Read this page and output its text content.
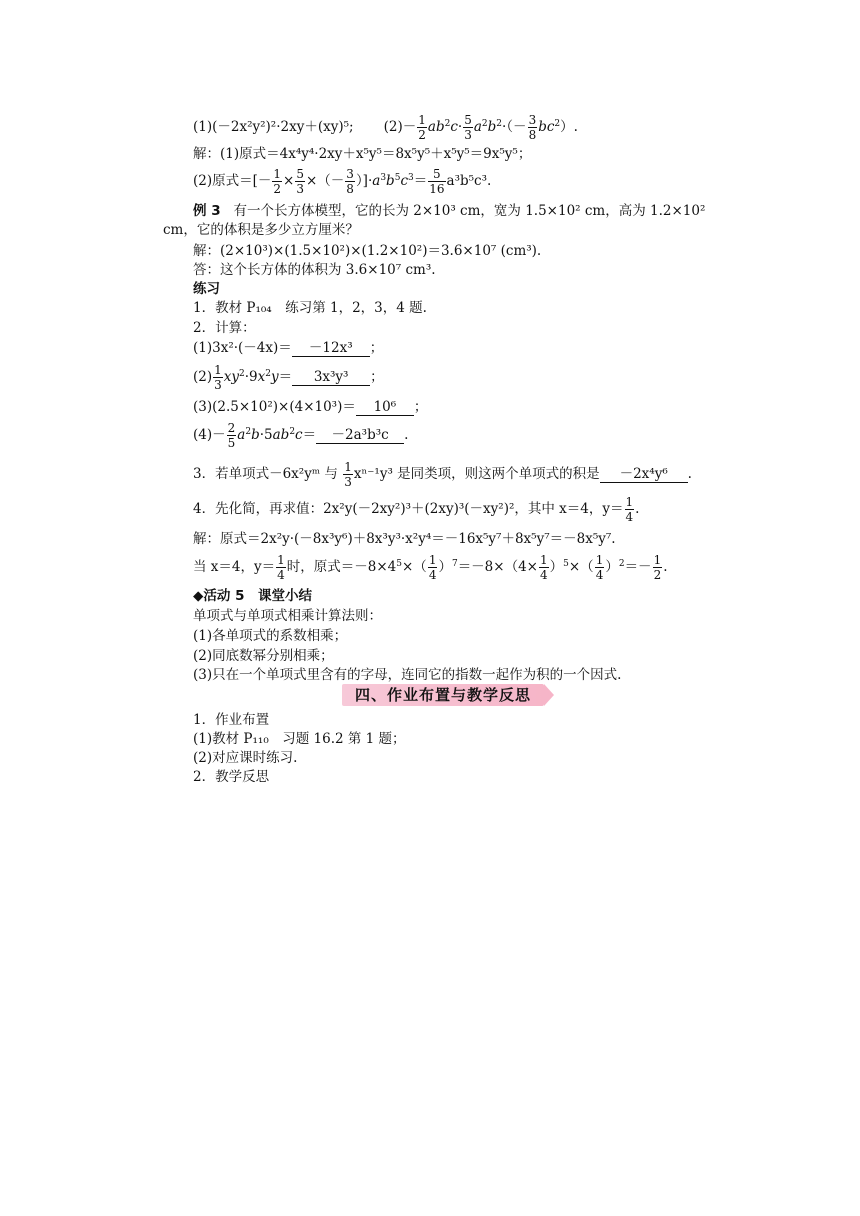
(1)(－2x²y²)²·2xy＋(xy)⁵; $(2)- \frac{1}{2} ab^2c\cdot \frac{5}{3} a^2b^2\cdot(- \frac{3}{8} bc^2)$.
解：(1)原式＝4x⁴y⁴·2xy＋x⁵y⁵＝8x⁵y⁵＋x⁵y⁵＝9x⁵y⁵；
(2)原式＝[－ $\frac{1}{2} \times \frac{5}{3}$ ×（－ $\frac{3}{8} )]\cdot a^3b^5c^3= \frac{5}{16} a^3b^5c^3$.
例 3 有一个长方体模型，它的长为 2×10³ cm，宽为 1.5×10² cm，高为 1.2×10²
cm，它的体积是多少立方厘米？
解：(2×10³)×(1.5×10²)×(1.2×10²)＝3.6×10⁷ (cm³).
答：这个长方体的体积为 3.6×10⁷ cm³.
练习
1．教材 P₁₀₄　练习第 1，2，3，4 题.
2．计算：
(1)3x²·(－4x)＝ －12x³ ；
$(2) \frac{1}{3} xy^2\cdot 9x^2y= 3x^3y^3$ ；
(3)(2.5×10²)×(4×10³)＝ 10⁶ ；
$(4)- \frac{2}{5} a^2b\cdot 5ab^2c= -2a^3b^3c$ .
3．若单项式－6x²yᵐ 与 $\frac{1}{3} x^{n-1}y^3$ 是同类项，则这两个单项式的积是 －2x⁴y⁶ .
4．先化简，再求值：2x²y(－2xy²)³＋(2xy)³(－xy²)²，其中 x＝4，$y= \frac{1}{4}$ .
解：原式＝2x²y·(－8x³y⁶)＋8x³y³·x²y⁴＝－16x⁵y⁷＋8x⁵y⁷＝－8x⁵y⁷.
当 x＝4，$y= \frac{1}{4}$ 时，原式$=-8\times 4^5\times( \frac{1}{4} )^7=-8\times(4\times \frac{1}{4} )^5\times( \frac{1}{4} )^2=- \frac{1}{2}$ .
◆活动 5　课堂小结
单项式与单项式相乘计算法则：
(1)各单项式的系数相乘；
(2)同底数幂分别相乘；
(3)只在一个单项式里含有的字母，连同它的指数一起作为积的一个因式.
四、作业布置与教学反思
1．作业布置
(1)教材 P₁₁₀　习题 16.2 第 1 题；
(2)对应课时练习.
2．教学反思
